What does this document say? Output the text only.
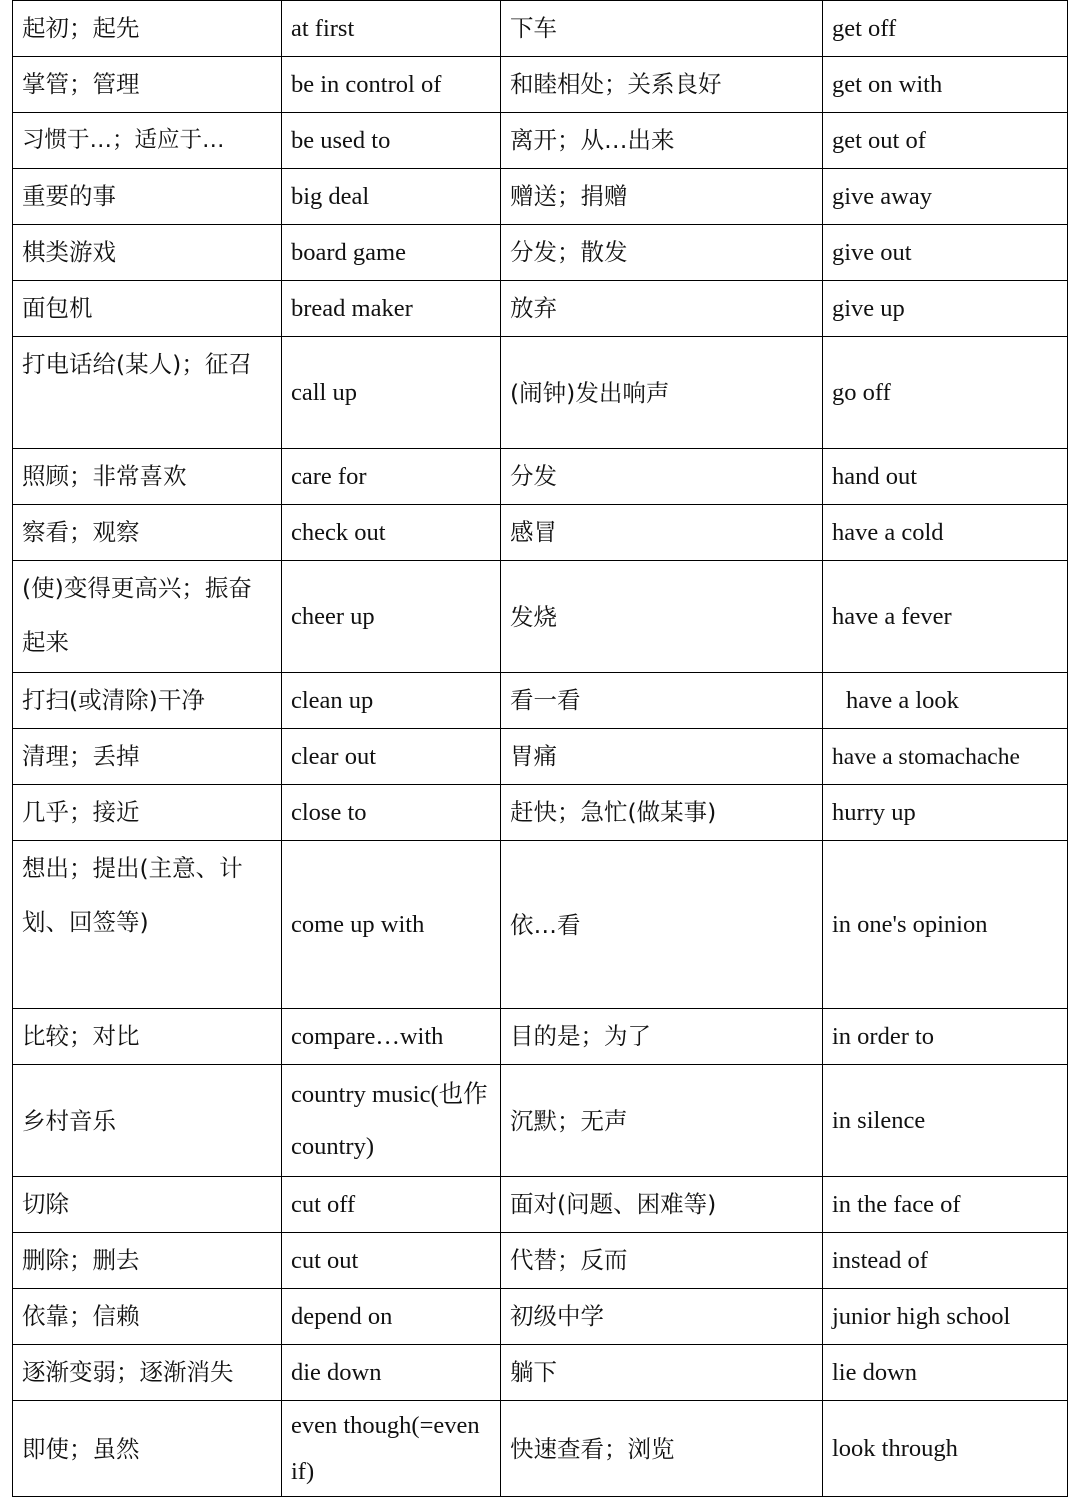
起初；起先	at first	下车	get off
掌管；管理	be in control of	和睦相处；关系良好	get on with
习惯于…；适应于…	be used to	离开；从…出来	get out of
重要的事	big deal	赠送；捐赠	give away
棋类游戏	board game	分发；散发	give out
面包机	bread maker	放弃	give up
打电话给(某人)；征召	call up	(闹钟)发出响声	go off
照顾；非常喜欢	care for	分发	hand out
察看；观察	check out	感冒	have a cold
(使)变得更高兴；振奋起来	cheer up	发烧	have a fever
打扫(或清除)干净	clean up	看一看	have a look
清理；丢掉	clear out	胃痛	have a stomachache
几乎；接近	close to	赶快；急忙(做某事)	hurry up
想出；提出(主意、计划、回签等)	come up with	依…看	in one's opinion
比较；对比	compare…with	目的是；为了	in order to
乡村音乐	country music(也作 country)	沉默；无声	in silence
切除	cut off	面对(问题、困难等)	in the face of
删除；删去	cut out	代替；反而	instead of
依靠；信赖	depend on	初级中学	junior high school
逐渐变弱；逐渐消失	die down	躺下	lie down
即使；虽然	even though(=even if)	快速查看；浏览	look through
